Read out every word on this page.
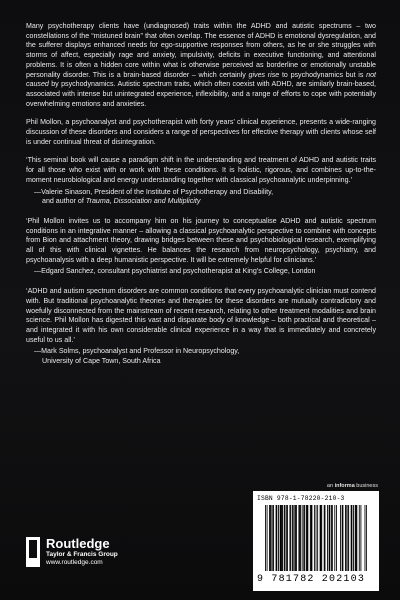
Many psychotherapy clients have (undiagnosed) traits within the ADHD and autistic spectrums – two constellations of the “mistuned brain” that often overlap. The essence of ADHD is emotional dysregulation, and the sufferer displays enhanced needs for ego-supportive responses from others, as he or she struggles with storms of affect, especially rage and anxiety, impulsivity, deficits in executive functioning, and attentional problems. It is often a hidden core within what is otherwise perceived as borderline or emotionally unstable personality disorder. This is a brain-based disorder – which certainly gives rise to psychodynamics but is not caused by psychodynamics. Autistic spectrum traits, which often coexist with ADHD, are similarly brain-based, associated with intense but unintegrated experience, inflexibility, and a range of efforts to cope with potentially overwhelming emotions and anxieties.

Phil Mollon, a psychoanalyst and psychotherapist with forty years’ clinical experience, presents a wide-ranging discussion of these disorders and considers a range of perspectives for effective therapy with clients whose self is under continual threat of disintegration.

‘This seminal book will cause a paradigm shift in the understanding and treatment of ADHD and autistic traits for all those who exist with or work with these conditions. It is holistic, rigorous, and combines up-to-the-moment neurobiological and energy understanding together with classical psychoanalytic underpinning.’

—Valerie Sinason, President of the Institute of Psychotherapy and Disability,
and author of Trauma, Dissociation and Multiplicity

‘Phil Mollon invites us to accompany him on his journey to conceptualise ADHD and autistic spectrum conditions in an integrative manner – allowing a classical psychoanalytic perspective to combine with concepts from Bion and attachment theory, drawing bridges between these and psychobiological research, exemplifying all of this with clinical vignettes. He balances the research from neuropsychology, psychiatry, and psychoanalysis with a deep humanistic perspective. It will be extremely helpful for clinicians.’

—Edgard Sanchez, consultant psychiatrist and psychotherapist at King’s College, London

‘ADHD and autism spectrum disorders are common conditions that every psychoanalytic clinician must contend with. But traditional psychoanalytic theories and therapies for these disorders are mutually contradictory and woefully disconnected from the mainstream of recent research, relating to other treatment modalities and brain science. Phil Mollon has digested this vast and disparate body of knowledge – both practical and theoretical – and integrated it with his own considerable clinical experience in a way that is immediately and concretely useful to us all.’

—Mark Solms, psychoanalyst and Professor in Neuropsychology,
University of Cape Town, South Africa
Routledge
Taylor & Francis Group
www.routledge.com
an informa business
ISBN 978-1-78220-210-3
9 781782 202103
